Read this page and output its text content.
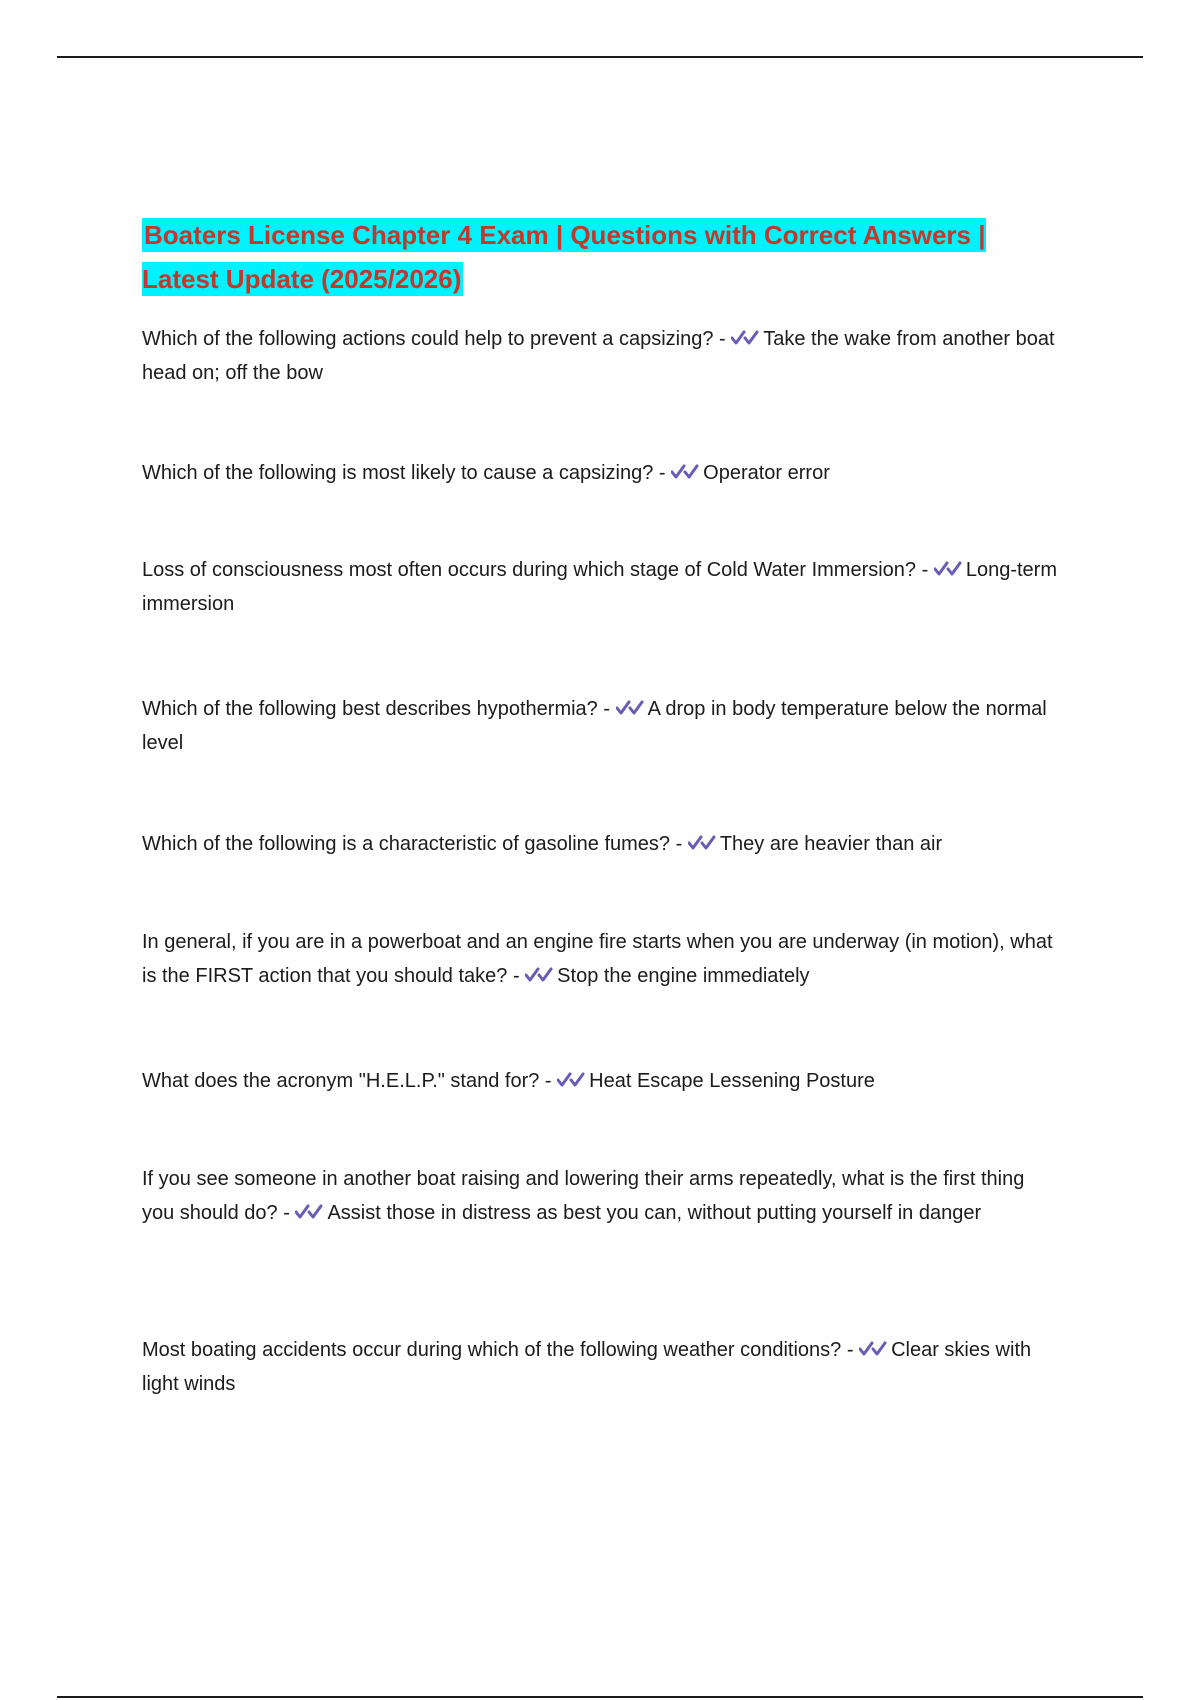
Boaters License Chapter 4 Exam | Questions with Correct Answers | Latest Update (2025/2026)

Which of the following actions could help to prevent a capsizing? - Take the wake from another boat head on; off the bow

Which of the following is most likely to cause a capsizing? - Operator error

Loss of consciousness most often occurs during which stage of Cold Water Immersion? - Long-term immersion

Which of the following best describes hypothermia? - A drop in body temperature below the normal level

Which of the following is a characteristic of gasoline fumes? - They are heavier than air

In general, if you are in a powerboat and an engine fire starts when you are underway (in motion), what is the FIRST action that you should take? - Stop the engine immediately

What does the acronym "H.E.L.P." stand for? - Heat Escape Lessening Posture

If you see someone in another boat raising and lowering their arms repeatedly, what is the first thing you should do? - Assist those in distress as best you can, without putting yourself in danger

Most boating accidents occur during which of the following weather conditions? - Clear skies with light winds
